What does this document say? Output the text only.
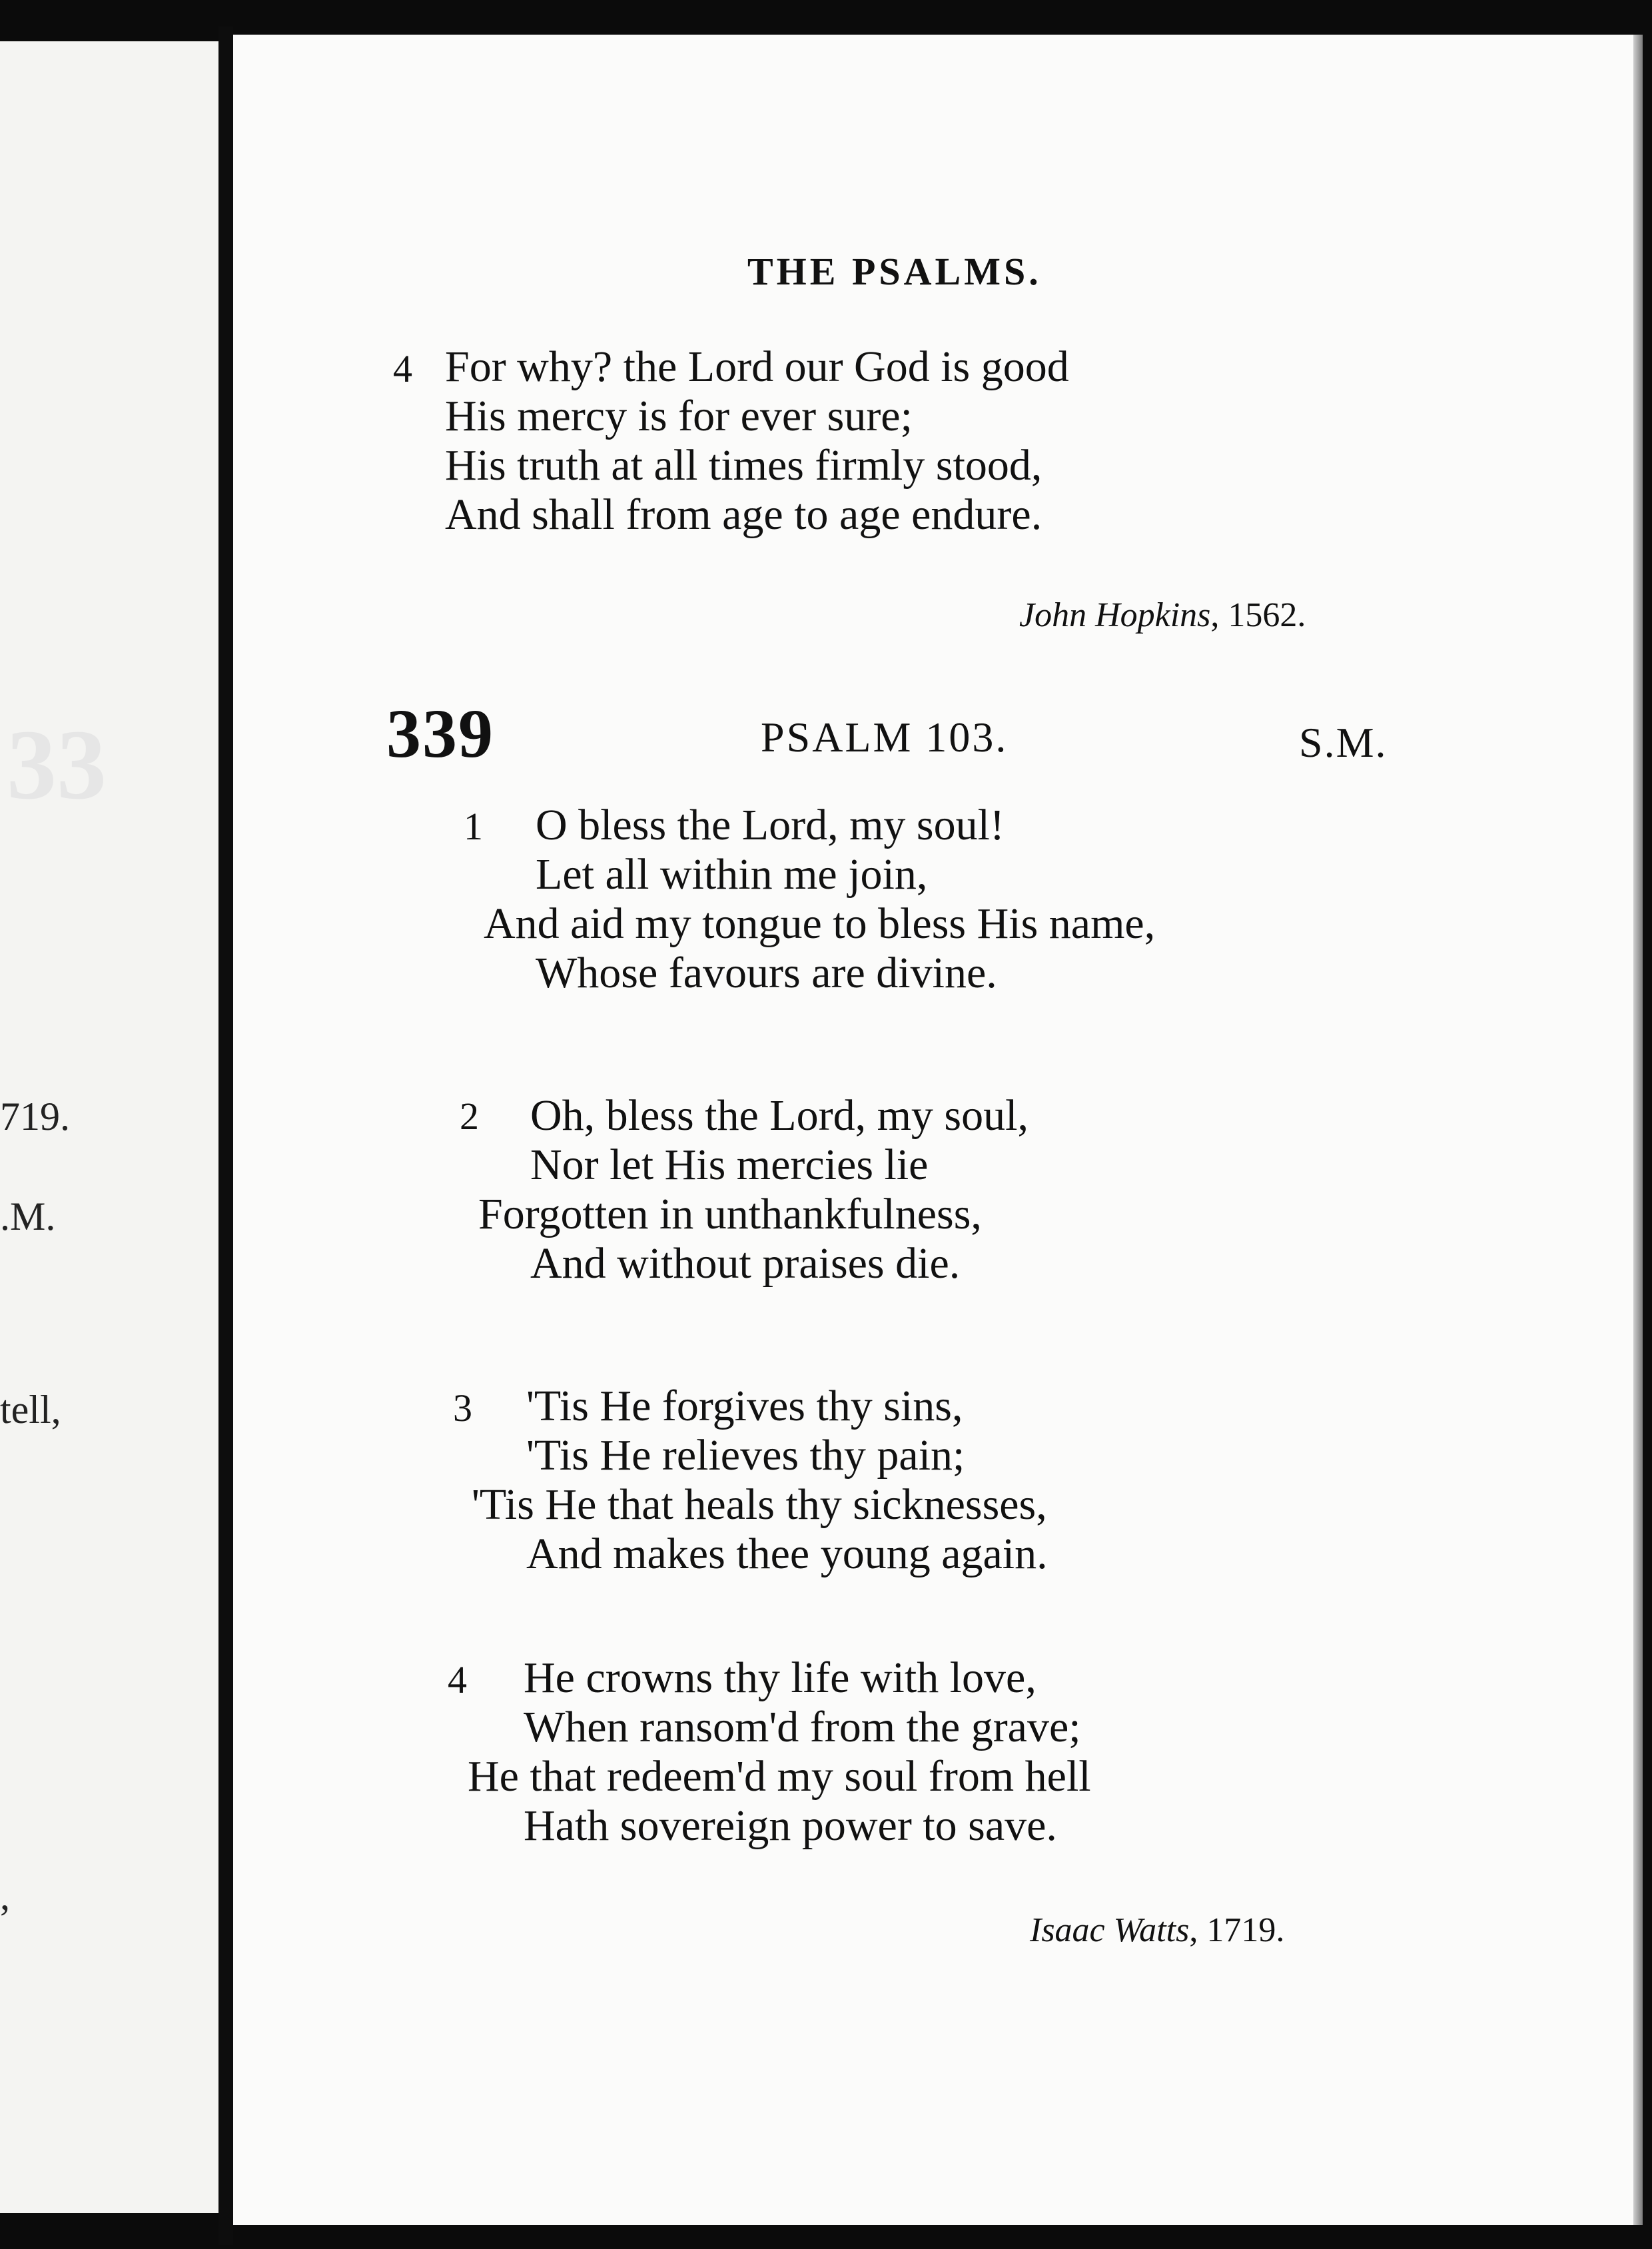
33
719.
.M.
tell,
,
THE PSALMS.
4 For why? the Lord our God is good
His mercy is for ever sure;
His truth at all times firmly stood,
And shall from age to age endure.
John Hopkins, 1562.
339	PSALM 103.	S.M.
1 O bless the Lord, my soul!
Let all within me join,
And aid my tongue to bless His name,
Whose favours are divine.
2 Oh, bless the Lord, my soul,
Nor let His mercies lie
Forgotten in unthankfulness,
And without praises die.
3 'Tis He forgives thy sins,
'Tis He relieves thy pain;
'Tis He that heals thy sicknesses,
And makes thee young again.
4 He crowns thy life with love,
When ransom'd from the grave;
He that redeem'd my soul from hell
Hath sovereign power to save.
Isaac Watts, 1719.
